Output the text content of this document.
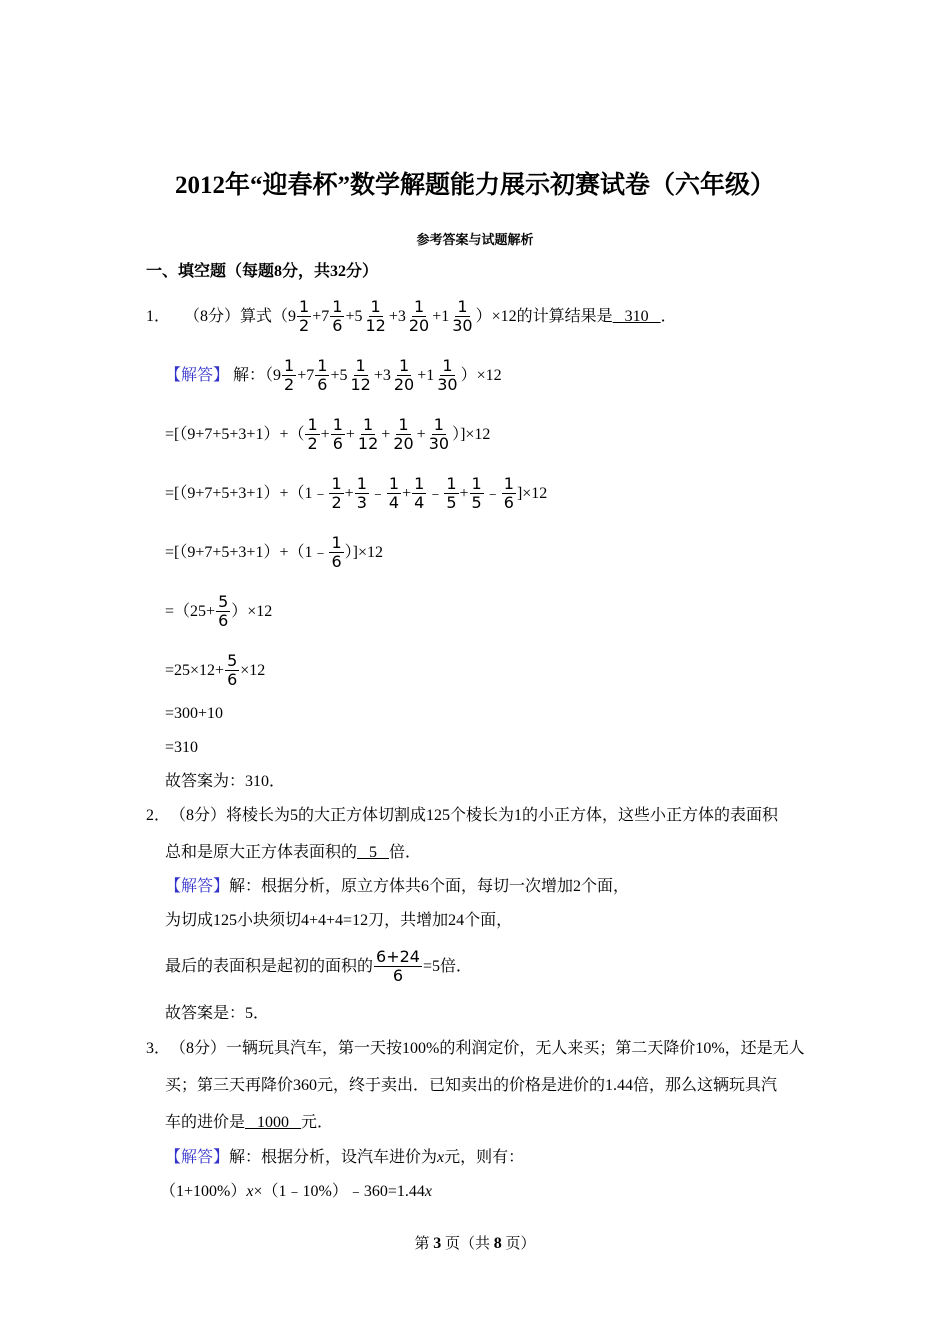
2012年“迎春杯”数学解题能力展示初赛试卷（六年级）
参考答案与试题解析
一、填空题（每题8分，共32分）
1． （8分）算式$(9 \frac{1}{2} +7 \frac{1}{6} +5 \frac{1}{12} +3 \frac{1}{20} +1 \frac{1}{30} )\times 12$的计算结果是 310 ．
【解答】 解：$(9 \frac{1}{2} +7 \frac{1}{6} +5 \frac{1}{12} +3 \frac{1}{20} +1 \frac{1}{30} )\times 12$
$=[(9+7+5+3+1)+( \frac{1}{2} + \frac{1}{6} + \frac{1}{12} + \frac{1}{20} + \frac{1}{30} )]\times 12$
=[（9+7+5+3+1）+（1﹣ $\frac{1}{2} + \frac{1}{3}$ ﹣ $\frac{1}{4} + \frac{1}{4}$ ﹣ $\frac{1}{5} + \frac{1}{5}$ ﹣ $\frac{1}{6} ]\times 12$
=[（9+7+5+3+1）+（1﹣ $\frac{1}{6} )]\times 12$
$=(25+ \frac{5}{6} )\times 12$
$=25\times 12+ \frac{5}{6} \times 12$
=300+10
=310
故答案为：310．
2． （8分）将棱长为5的大正方体切割成125个棱长为1的小正方体，这些小正方体的表面积
总和是原大正方体表面积的 5 倍．
【解答】 解：根据分析，原立方体共6个面，每切一次增加2个面，
为切成125小块须切4+4+4=12刀，共增加24个面，
最后的表面积是起初的面积的 $\frac{6+24}{6} =5$倍．
故答案是：5．
3． （8分）一辆玩具汽车，第一天按100%的利润定价，无人来买；第二天降价10%，还是无人
买；第三天再降价360元，终于卖出．已知卖出的价格是进价的1.44倍，那么这辆玩具汽
车的进价是 1000 元．
【解答】 解：根据分析，设汽车进价为 x 元，则有：
（1+100%） x ×（1﹣10%）﹣360=1.44 x
第 3 页（共 8 页）
